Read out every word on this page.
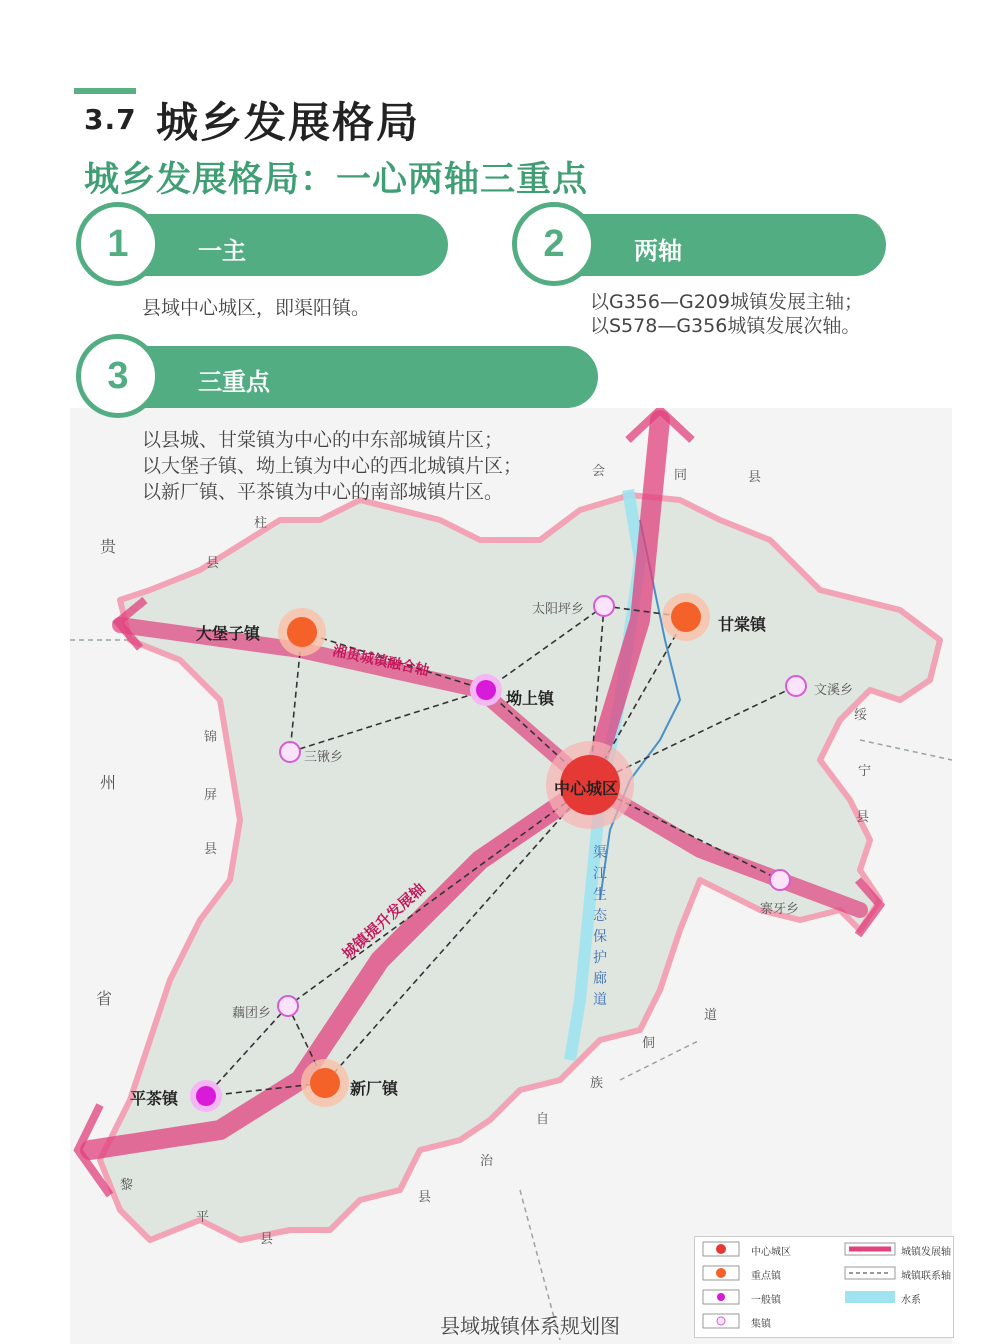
3.7 城乡发展格局
城乡发展格局：一心两轴三重点
湘贵城镇融合轴
城镇提升发展轴
渠江生态保护廊道
中心城区
大堡子镇	甘棠镇
太阳坪乡
坳上镇	文溪乡
三锹乡
寨牙乡
藕团乡
平茶镇
新厂镇
贵
州
省
柱
县
锦
屏
县
会	同	县
绥
宁
县
道
侗
族
自
治
县
黎
平
县
1	一主
县域中心城区，即渠阳镇。
2	两轴
以G356—G209城镇发展主轴；
以S578—G356城镇发展次轴。
3	三重点
以县城、甘棠镇为中心的中东部城镇片区；
以大堡子镇、坳上镇为中心的西北城镇片区；
以新厂镇、平茶镇为中心的南部城镇片区。
中心城区
重点镇
一般镇
集镇
城镇发展轴
城镇联系轴
水系
县域城镇体系规划图
